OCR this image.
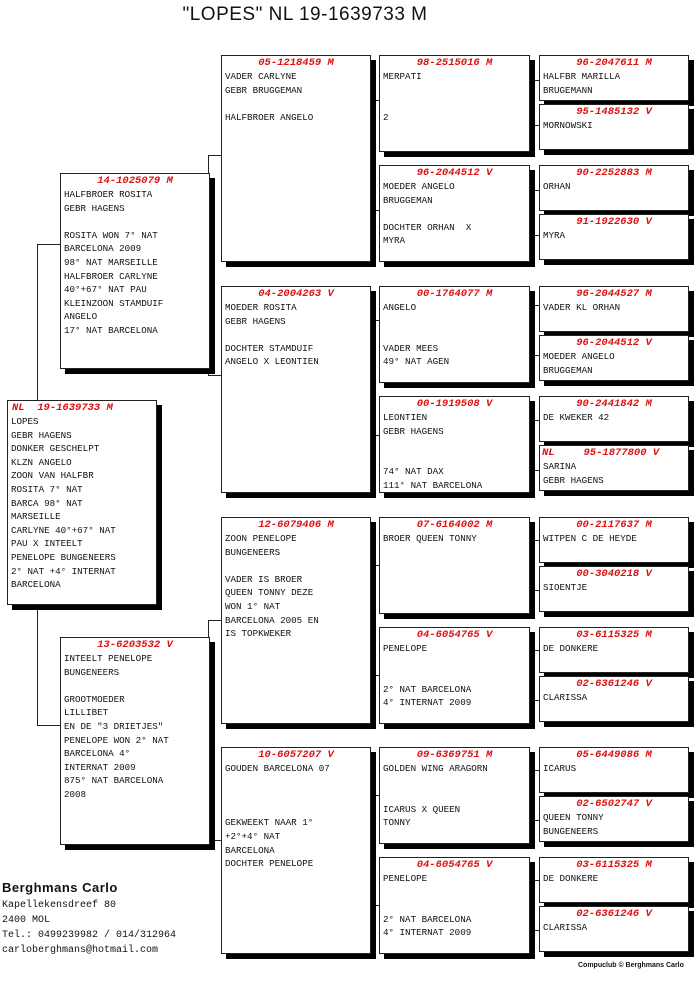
"LOPES" NL 19-1639733 M
NL 19-1639733 M
LOPES
GEBR HAGENS
DONKER GESCHELPT
KLZN ANGELO
ZOON VAN HALFBR
ROSITA 7° NAT
BARCA 98° NAT
MARSEILLE
CARLYNE 40°+67° NAT
PAU X INTEELT
PENELOPE BUNGENEERS
2° NAT +4° INTERNAT
BARCELONA
14-1025079 M
HALFBROER ROSITA
GEBR HAGENS

ROSITA WON 7° NAT
BARCELONA 2009
98° NAT MARSEILLE
HALFBROER CARLYNE
40°+67° NAT PAU
KLEINZOON STAMDUIF
ANGELO
17° NAT BARCELONA
13-6203532 V
INTEELT PENELOPE
BUNGENEERS

GROOTMOEDER
LILLIBET
EN DE "3 DRIETJES"
PENELOPE WON 2° NAT
BARCELONA 4°
INTERNAT 2009
875° NAT BARCELONA
2008
05-1218459 M
VADER CARLYNE
GEBR BRUGGEMAN

HALFBROER ANGELO
04-2004263 V
MOEDER ROSITA
GEBR HAGENS

DOCHTER STAMDUIF
ANGELO X LEONTIEN
12-6079406 M
ZOON PENELOPE
BUNGENEERS

VADER IS BROER
QUEEN TONNY DEZE
WON 1° NAT
BARCELONA 2005 EN
IS TOPKWEKER
10-6057207 V
GOUDEN BARCELONA 07

GEKWEEKT NAAR 1°
+2°+4° NAT
BARCELONA
DOCHTER PENELOPE
98-2515016 M
MERPATI

2
96-2044512 V
MOEDER ANGELO
BRUGGEMAN

DOCHTER ORHAN  X
MYRA
00-1764077 M
ANGELO

VADER MEES
49° NAT AGEN
00-1919508 V
LEONTIEN
GEBR HAGENS

74° NAT DAX
111° NAT BARCELONA
07-6164002 M
BROER QUEEN TONNY
04-6054765 V
PENELOPE

2° NAT BARCELONA
4° INTERNAT 2009
09-6369751 M
GOLDEN WING ARAGORN

ICARUS X QUEEN
TONNY
04-6054765 V
PENELOPE

2° NAT BARCELONA
4° INTERNAT 2009
96-2047611 M
HALFBR MARILLA
BRUGEMANN
95-1485132 V
MORNOWSKI
90-2252883 M
ORHAN
91-1922630 V
MYRA
96-2044527 M
VADER KL ORHAN
96-2044512 V
MOEDER ANGELO
BRUGGEMAN
90-2441842 M
DE KWEKER 42
NL	95-1877800 V
SARINA
GEBR HAGENS
00-2117637 M
WITPEN C DE HEYDE
00-3040218 V
SIOENTJE
03-6115325 M
DE DONKERE
02-6361246 V
CLARISSA
05-6449086 M
ICARUS
02-6502747 V
QUEEN TONNY
BUNGENEERS
03-6115325 M
DE DONKERE
02-6361246 V
CLARISSA
Berghmans Carlo
Kapellekensdreef 80
2400 MOL
Tel.: 0499239982 / 014/312964
carloberghmans@hotmail.com
Compuclub © Berghmans Carlo
